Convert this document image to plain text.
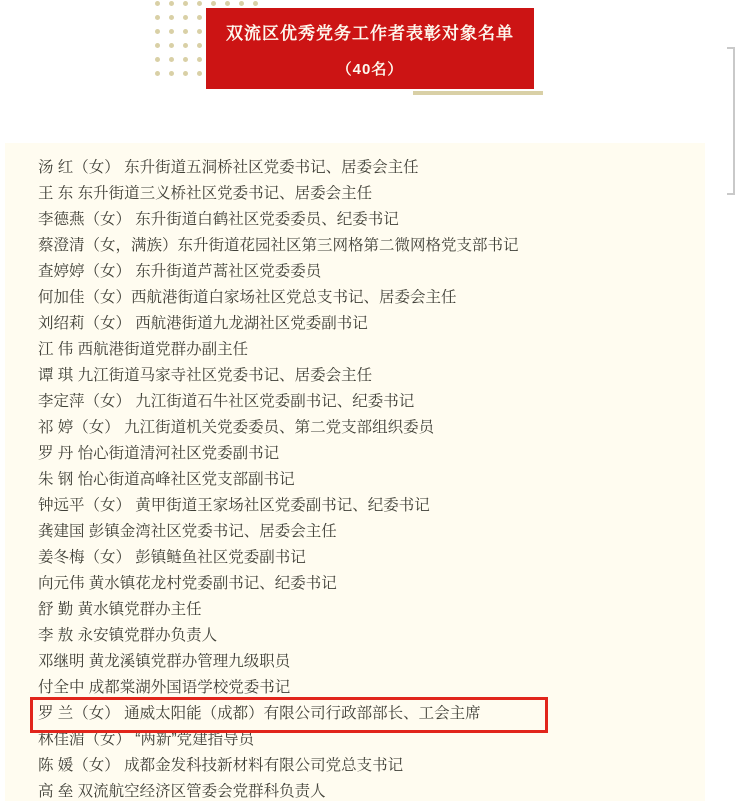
双流区优秀党务工作者表彰对象名单
（40名）
汤 红（女） 东升街道五洞桥社区党委书记、居委会主任
王 东 东升街道三义桥社区党委书记、居委会主任
李德燕（女） 东升街道白鹤社区党委委员、纪委书记
蔡澄清（女，满族）东升街道花园社区第三网格第二微网格党支部书记
查婷婷（女） 东升街道芦蒿社区党委委员
何加佳（女）西航港街道白家场社区党总支书记、居委会主任
刘绍莉（女） 西航港街道九龙湖社区党委副书记
江 伟 西航港街道党群办副主任
谭 琪 九江街道马家寺社区党委书记、居委会主任
李定萍（女） 九江街道石牛社区党委副书记、纪委书记
祁 婷（女） 九江街道机关党委委员、第二党支部组织委员
罗 丹 怡心街道清河社区党委副书记
朱 钢 怡心街道高峰社区党支部副书记
钟远平（女） 黄甲街道王家场社区党委副书记、纪委书记
龚建国 彭镇金湾社区党委书记、居委会主任
姜冬梅（女） 彭镇鲢鱼社区党委副书记
向元伟 黄水镇花龙村党委副书记、纪委书记
舒 勤 黄水镇党群办主任
李 敖 永安镇党群办负责人
邓继明 黄龙溪镇党群办管理九级职员
付全中 成都棠湖外国语学校党委书记
罗 兰（女） 通威太阳能（成都）有限公司行政部部长、工会主席
林佳湄（女） “两新”党建指导员
陈 媛（女） 成都金发科技新材料有限公司党总支书记
高 垒 双流航空经济区管委会党群科负责人
